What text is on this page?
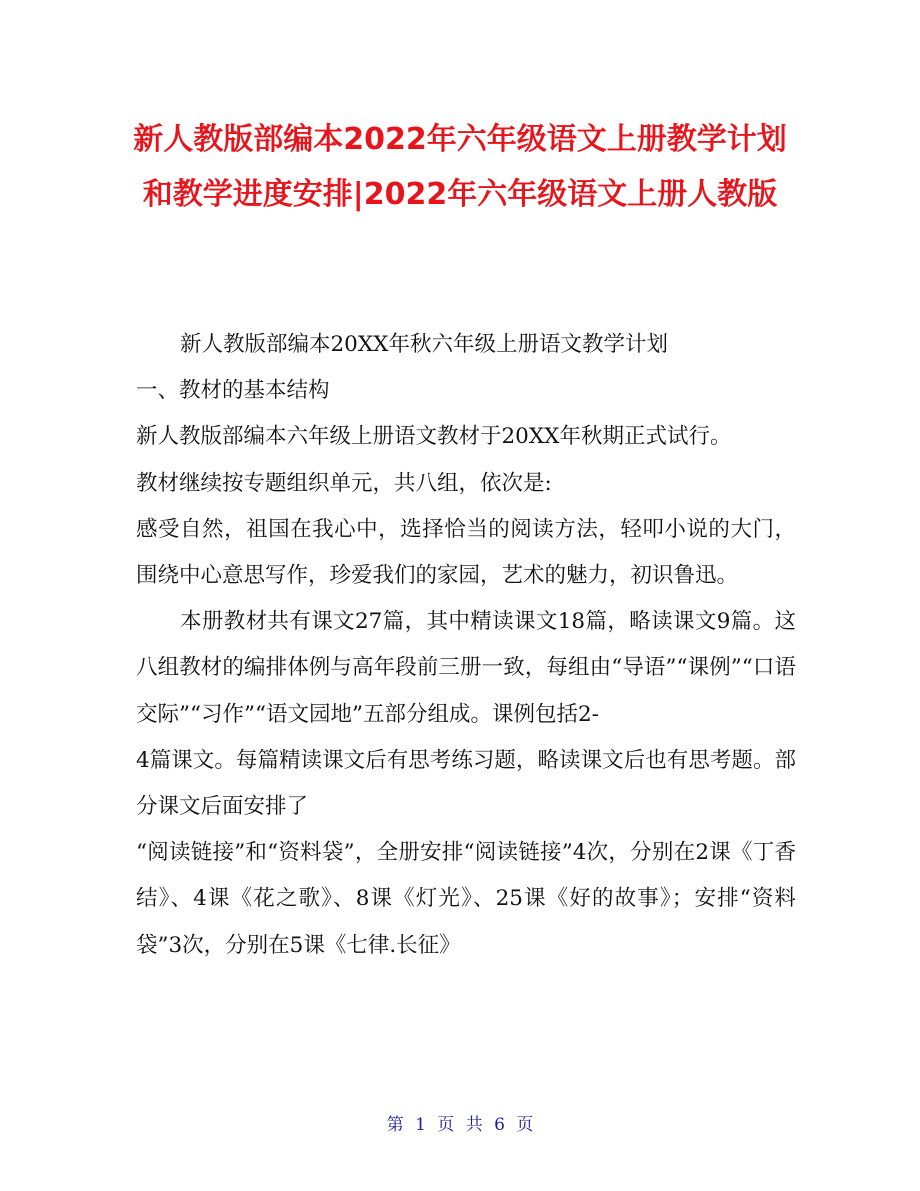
新人教版部编本2022年六年级语文上册教学计划和教学进度安排|2022年六年级语文上册人教版

新人教版部编本20XX年秋六年级上册语文教学计划

一、教材的基本结构

新人教版部编本六年级上册语文教材于20XX年秋期正式试行。

教材继续按专题组织单元，共八组，依次是:

感受自然，祖国在我心中，选择恰当的阅读方法，轻叩小说的大门，围绕中心意思写作，珍爱我们的家园，艺术的魅力，初识鲁迅。

本册教材共有课文27篇，其中精读课文18篇，略读课文9篇。这八组教材的编排体例与高年段前三册一致，每组由“导语”“课例”“口语交际”“习作”“语文园地”五部分组成。课例包括2-

4篇课文。每篇精读课文后有思考练习题，略读课文后也有思考题。部分课文后面安排了

“阅读链接”和“资料袋”，全册安排“阅读链接”4次，分别在2课《丁香结》、4课《花之歌》、8课《灯光》、25课《好的故事》；安排“资料袋”3次，分别在5课《七律.长征》

第 1 页 共 6 页
